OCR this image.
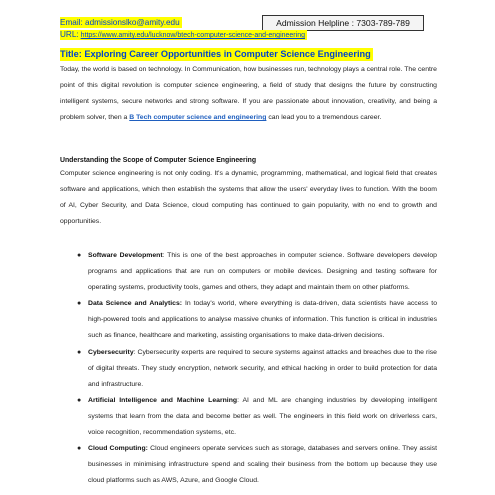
Admission Helpline : 7303-789-789
Email: admissionslko@amity.edu
URL: https://www.amity.edu/lucknow/btech-computer-science-and-engineering
Title: Exploring Career Opportunities in Computer Science Engineering

Today, the world is based on technology. In Communication, how businesses run, technology plays a central role. The centre point of this digital revolution is computer science engineering, a field of study that designs the future by constructing intelligent systems, secure networks and strong software. If you are passionate about innovation, creativity, and being a problem solver, then a B Tech computer science and engineering can lead you to a tremendous career.

Understanding the Scope of Computer Science Engineering

Computer science engineering is not only coding. It's a dynamic, programming, mathematical, and logical field that creates software and applications, which then establish the systems that allow the users' everyday lives to function. With the boom of AI, Cyber Security, and Data Science, cloud computing has continued to gain popularity, with no end to growth and opportunities.

● Software Development: This is one of the best approaches in computer science. Software developers develop programs and applications that are run on computers or mobile devices. Designing and testing software for operating systems, productivity tools, games and others, they adapt and maintain them on other platforms.
● Data Science and Analytics: In today's world, where everything is data-driven, data scientists have access to high-powered tools and applications to analyse massive chunks of information. This function is critical in industries such as finance, healthcare and marketing, assisting organisations to make data-driven decisions.
● Cybersecurity: Cybersecurity experts are required to secure systems against attacks and breaches due to the rise of digital threats. They study encryption, network security, and ethical hacking in order to build protection for data and infrastructure.
● Artificial Intelligence and Machine Learning: AI and ML are changing industries by developing intelligent systems that learn from the data and become better as well. The engineers in this field work on driverless cars, voice recognition, recommendation systems, etc.
● Cloud Computing: Cloud engineers operate services such as storage, databases and servers online. They assist businesses in minimising infrastructure spend and scaling their business from the bottom up because they use cloud platforms such as AWS, Azure, and Google Cloud.
